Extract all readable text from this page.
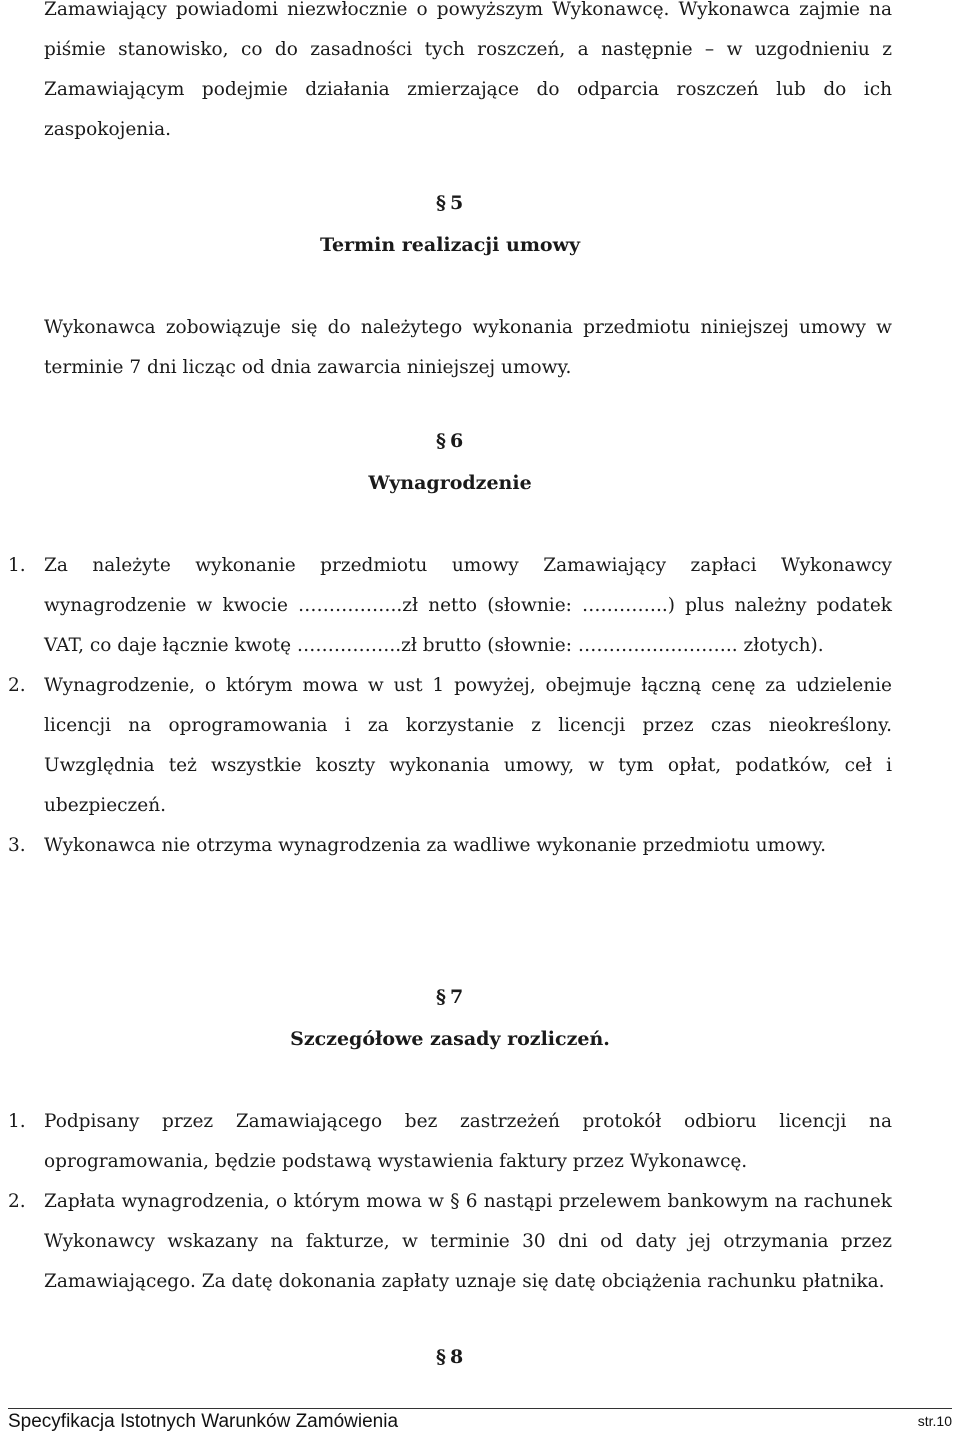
Zamawiający powiadomi niezwłocznie o powyższym Wykonawcę. Wykonawca zajmie na piśmie stanowisko, co do zasadności tych roszczeń, a następnie – w uzgodnieniu z Zamawiającym podejmie działania zmierzające do odparcia roszczeń lub do ich zaspokojenia.
§ 5
Termin realizacji umowy
Wykonawca zobowiązuje się do należytego wykonania przedmiotu niniejszej umowy w terminie 7 dni licząc od dnia zawarcia niniejszej umowy.
§ 6
Wynagrodzenie
1. Za należyte wykonanie przedmiotu umowy Zamawiający zapłaci Wykonawcy wynagrodzenie w kwocie ……………..zł netto (słownie: …………..) plus należny podatek VAT, co daje łącznie kwotę ……………..zł brutto (słownie: …………………….. złotych).
2. Wynagrodzenie, o którym mowa w ust 1 powyżej, obejmuje łączną cenę za udzielenie licencji na oprogramowania i za korzystanie z licencji przez czas nieokreślony. Uwzględnia też wszystkie koszty wykonania umowy, w tym opłat, podatków, ceł i ubezpieczeń.
3. Wykonawca nie otrzyma wynagrodzenia za wadliwe wykonanie przedmiotu umowy.
§ 7
Szczegółowe zasady rozliczeń.
1. Podpisany przez Zamawiającego bez zastrzeżeń protokół odbioru licencji na oprogramowania, będzie podstawą wystawienia faktury przez Wykonawcę.
2. Zapłata wynagrodzenia, o którym mowa w § 6 nastąpi przelewem bankowym na rachunek Wykonawcy wskazany na fakturze, w terminie 30 dni od daty jej otrzymania przez Zamawiającego. Za datę dokonania zapłaty uznaje się datę obciążenia rachunku płatnika.
§ 8
Specyfikacja Istotnych Warunków Zamówienia	str.10
